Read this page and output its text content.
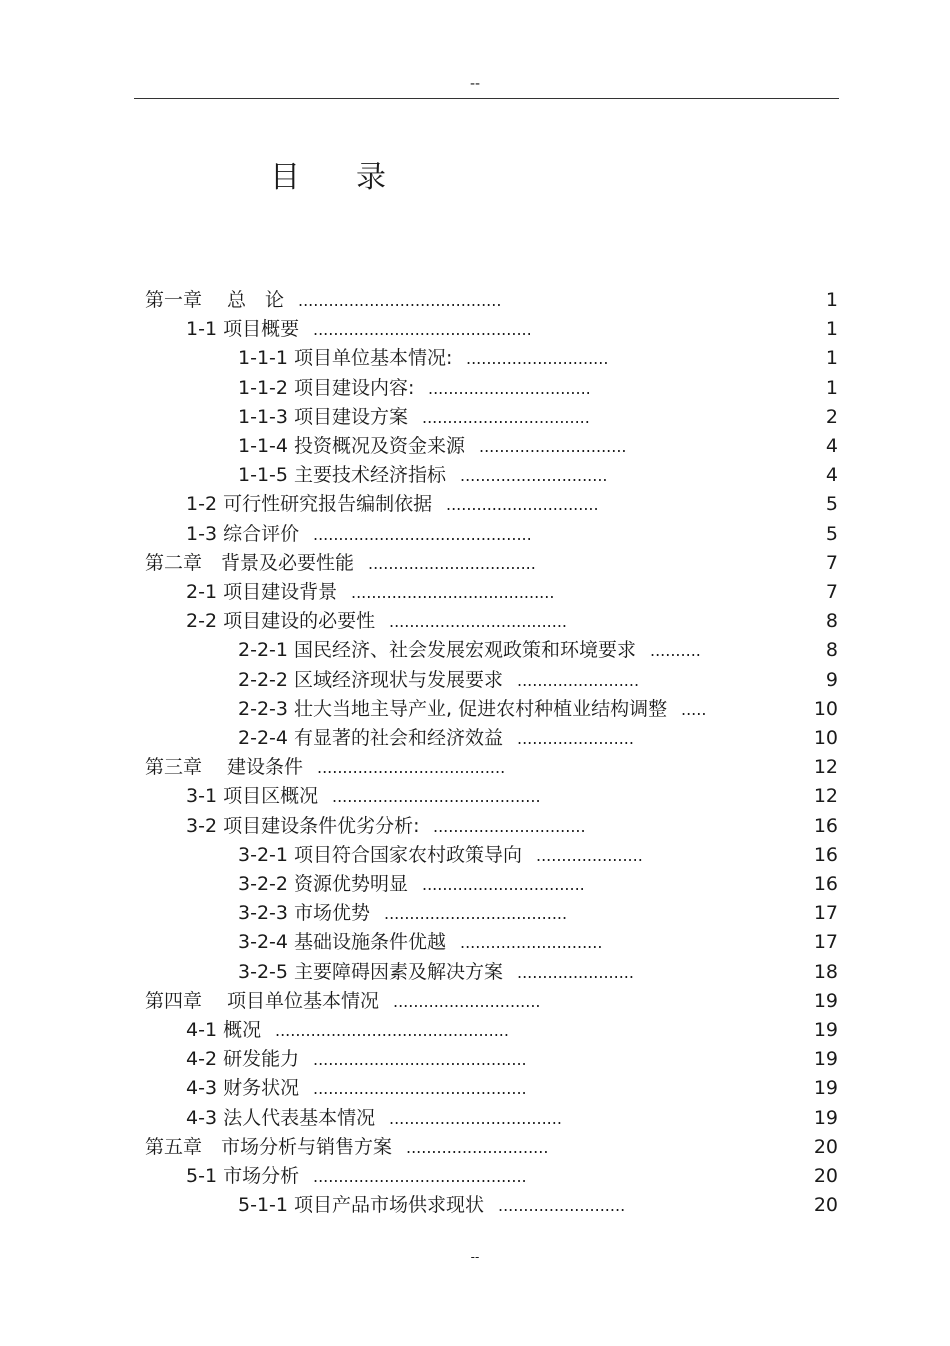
--
目 录
第一章　 总　论 ........................................	1
1-1 项目概要 ...........................................	1
1-1-1 项目单位基本情况: ............................	1
1-1-2 项目建设内容: ................................	1
1-1-3 项目建设方案 .................................	2
1-1-4 投资概况及资金来源 .............................	4
1-1-5 主要技术经济指标 .............................	4
1-2 可行性研究报告编制依据 ..............................	5
1-3 综合评价 ...........................................	5
第二章　背景及必要性能 .................................	7
2-1 项目建设背景 ........................................	7
2-2 项目建设的必要性 ...................................	8
2-2-1 国民经济、社会发展宏观政策和环境要求 ..........	8
2-2-2 区域经济现状与发展要求 ........................	9
2-2-3 壮大当地主导产业, 促进农村种植业结构调整 .....	10
2-2-4 有显著的社会和经济效益 .......................	10
第三章　 建设条件 .....................................	12
3-1 项目区概况 .........................................	12
3-2 项目建设条件优劣分析: ..............................	16
3-2-1 项目符合国家农村政策导向 .....................	16
3-2-2 资源优势明显 ................................	16
3-2-3 市场优势 ....................................	17
3-2-4 基础设施条件优越 ............................	17
3-2-5 主要障碍因素及解决方案 .......................	18
第四章　 项目单位基本情况 .............................	19
4-1 概况 ..............................................	19
4-2 研发能力 ..........................................	19
4-3 财务状况 ..........................................	19
4-3 法人代表基本情况 ..................................	19
第五章　市场分析与销售方案 ............................	20
5-1 市场分析 ..........................................	20
5-1-1 项目产品市场供求现状 .........................	20
--
